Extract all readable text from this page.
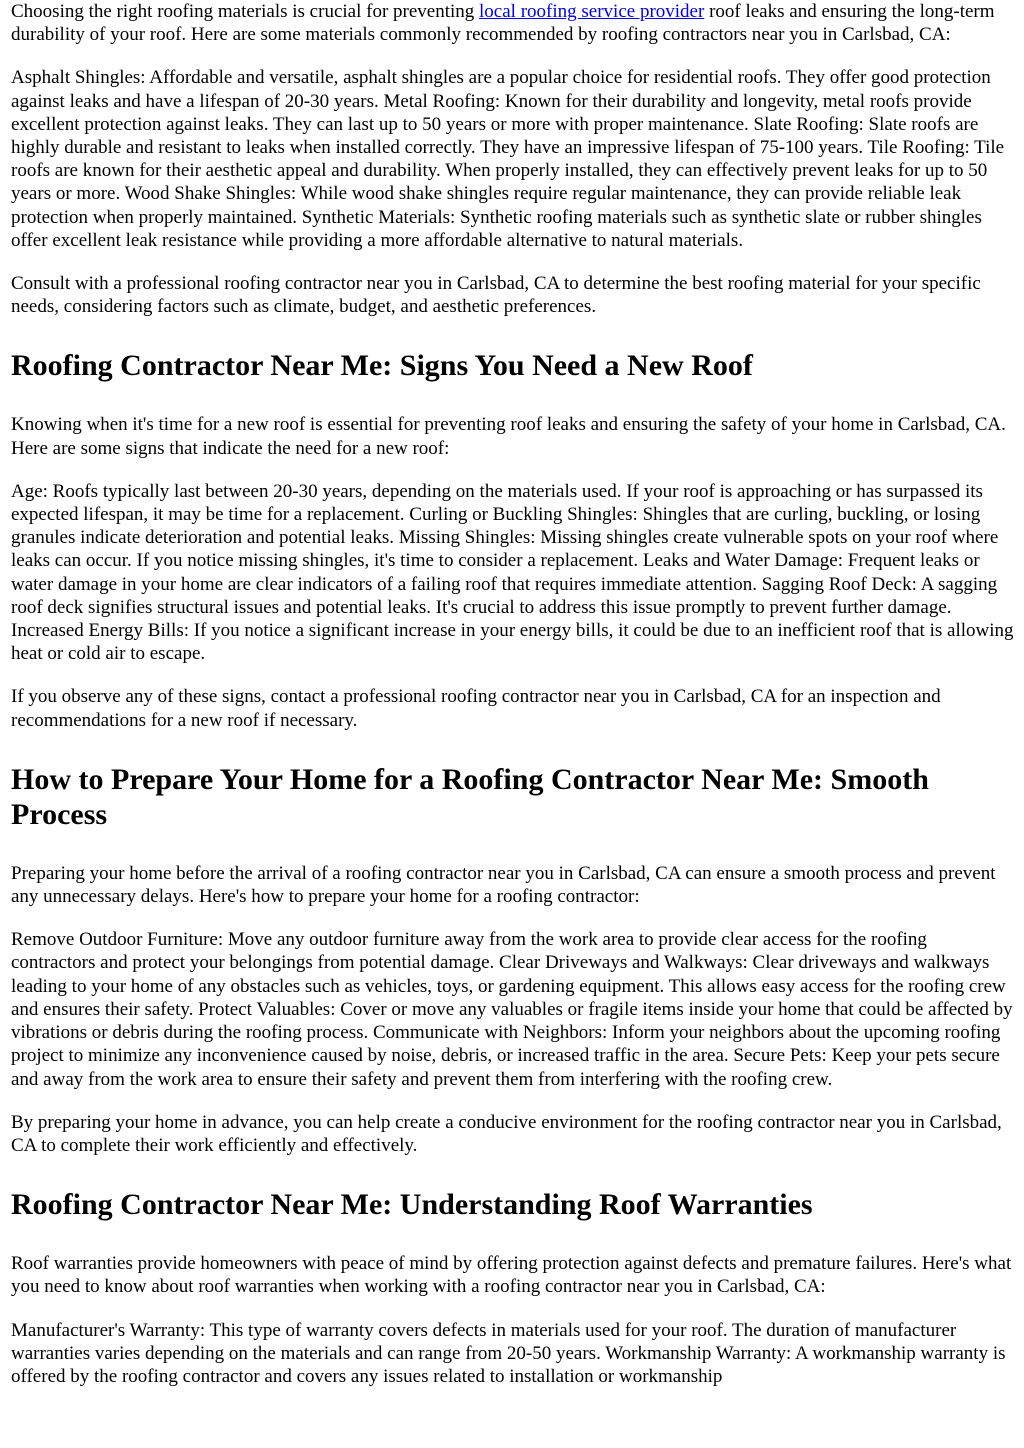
Choosing the right roofing materials is crucial for preventing local roofing service provider roof leaks and ensuring the long-term durability of your roof. Here are some materials commonly recommended by roofing contractors near you in Carlsbad, CA:

Asphalt Shingles: Affordable and versatile, asphalt shingles are a popular choice for residential roofs. They offer good protection against leaks and have a lifespan of 20-30 years. Metal Roofing: Known for their durability and longevity, metal roofs provide excellent protection against leaks. They can last up to 50 years or more with proper maintenance. Slate Roofing: Slate roofs are highly durable and resistant to leaks when installed correctly. They have an impressive lifespan of 75-100 years. Tile Roofing: Tile roofs are known for their aesthetic appeal and durability. When properly installed, they can effectively prevent leaks for up to 50 years or more. Wood Shake Shingles: While wood shake shingles require regular maintenance, they can provide reliable leak protection when properly maintained. Synthetic Materials: Synthetic roofing materials such as synthetic slate or rubber shingles offer excellent leak resistance while providing a more affordable alternative to natural materials.

Consult with a professional roofing contractor near you in Carlsbad, CA to determine the best roofing material for your specific needs, considering factors such as climate, budget, and aesthetic preferences.

Roofing Contractor Near Me: Signs You Need a New Roof

Knowing when it's time for a new roof is essential for preventing roof leaks and ensuring the safety of your home in Carlsbad, CA. Here are some signs that indicate the need for a new roof:

Age: Roofs typically last between 20-30 years, depending on the materials used. If your roof is approaching or has surpassed its expected lifespan, it may be time for a replacement. Curling or Buckling Shingles: Shingles that are curling, buckling, or losing granules indicate deterioration and potential leaks. Missing Shingles: Missing shingles create vulnerable spots on your roof where leaks can occur. If you notice missing shingles, it's time to consider a replacement. Leaks and Water Damage: Frequent leaks or water damage in your home are clear indicators of a failing roof that requires immediate attention. Sagging Roof Deck: A sagging roof deck signifies structural issues and potential leaks. It's crucial to address this issue promptly to prevent further damage. Increased Energy Bills: If you notice a significant increase in your energy bills, it could be due to an inefficient roof that is allowing heat or cold air to escape.

If you observe any of these signs, contact a professional roofing contractor near you in Carlsbad, CA for an inspection and recommendations for a new roof if necessary.

How to Prepare Your Home for a Roofing Contractor Near Me: Smooth Process

Preparing your home before the arrival of a roofing contractor near you in Carlsbad, CA can ensure a smooth process and prevent any unnecessary delays. Here's how to prepare your home for a roofing contractor:

Remove Outdoor Furniture: Move any outdoor furniture away from the work area to provide clear access for the roofing contractors and protect your belongings from potential damage. Clear Driveways and Walkways: Clear driveways and walkways leading to your home of any obstacles such as vehicles, toys, or gardening equipment. This allows easy access for the roofing crew and ensures their safety. Protect Valuables: Cover or move any valuables or fragile items inside your home that could be affected by vibrations or debris during the roofing process. Communicate with Neighbors: Inform your neighbors about the upcoming roofing project to minimize any inconvenience caused by noise, debris, or increased traffic in the area. Secure Pets: Keep your pets secure and away from the work area to ensure their safety and prevent them from interfering with the roofing crew.

By preparing your home in advance, you can help create a conducive environment for the roofing contractor near you in Carlsbad, CA to complete their work efficiently and effectively.

Roofing Contractor Near Me: Understanding Roof Warranties

Roof warranties provide homeowners with peace of mind by offering protection against defects and premature failures. Here's what you need to know about roof warranties when working with a roofing contractor near you in Carlsbad, CA:

Manufacturer's Warranty: This type of warranty covers defects in materials used for your roof. The duration of manufacturer warranties varies depending on the materials and can range from 20-50 years. Workmanship Warranty: A workmanship warranty is offered by the roofing contractor and covers any issues related to installation or workmanship
